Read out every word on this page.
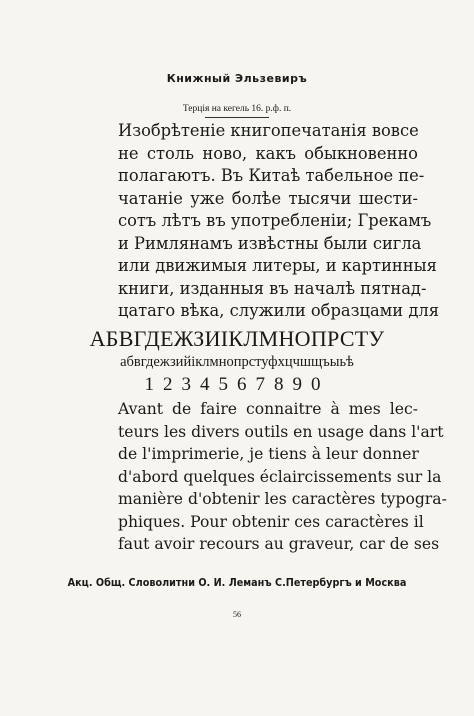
Книжный Эльзевиръ
Терція на кегель 16. р.ф. п.
Изобрѣтеніе книгопечатанія вовсе
не столь ново, какъ обыкновенно
полагаютъ. Въ Китаѣ табельное пе-
чатаніе уже болѣе тысячи шести-
сотъ лѣтъ въ употребленіи; Грекамъ
и Римлянамъ извѣстны были сигла
или движимыя литеры, и картинныя
книги, изданныя въ началѣ пятнад-
цатаго вѣка, служили образцами для
АБВГДЕЖЗИІКЛМНОПРСТУ
абвгдежзийiклмнопрстуфхцчшщъыьѣ
1234567890
Avant de faire connaitre à mes lec-
teurs les divers outils en usage dans l'art
de l'imprimerie, je tiens à leur donner
d'abord quelques éclaircissements sur la
manière d'obtenir les caractères typogra-
phiques. Pour obtenir ces caractères il
faut avoir recours au graveur, car de ses
Акц. Общ. Словолитни О. И. Леманъ С.Петербургъ и Москва
56
